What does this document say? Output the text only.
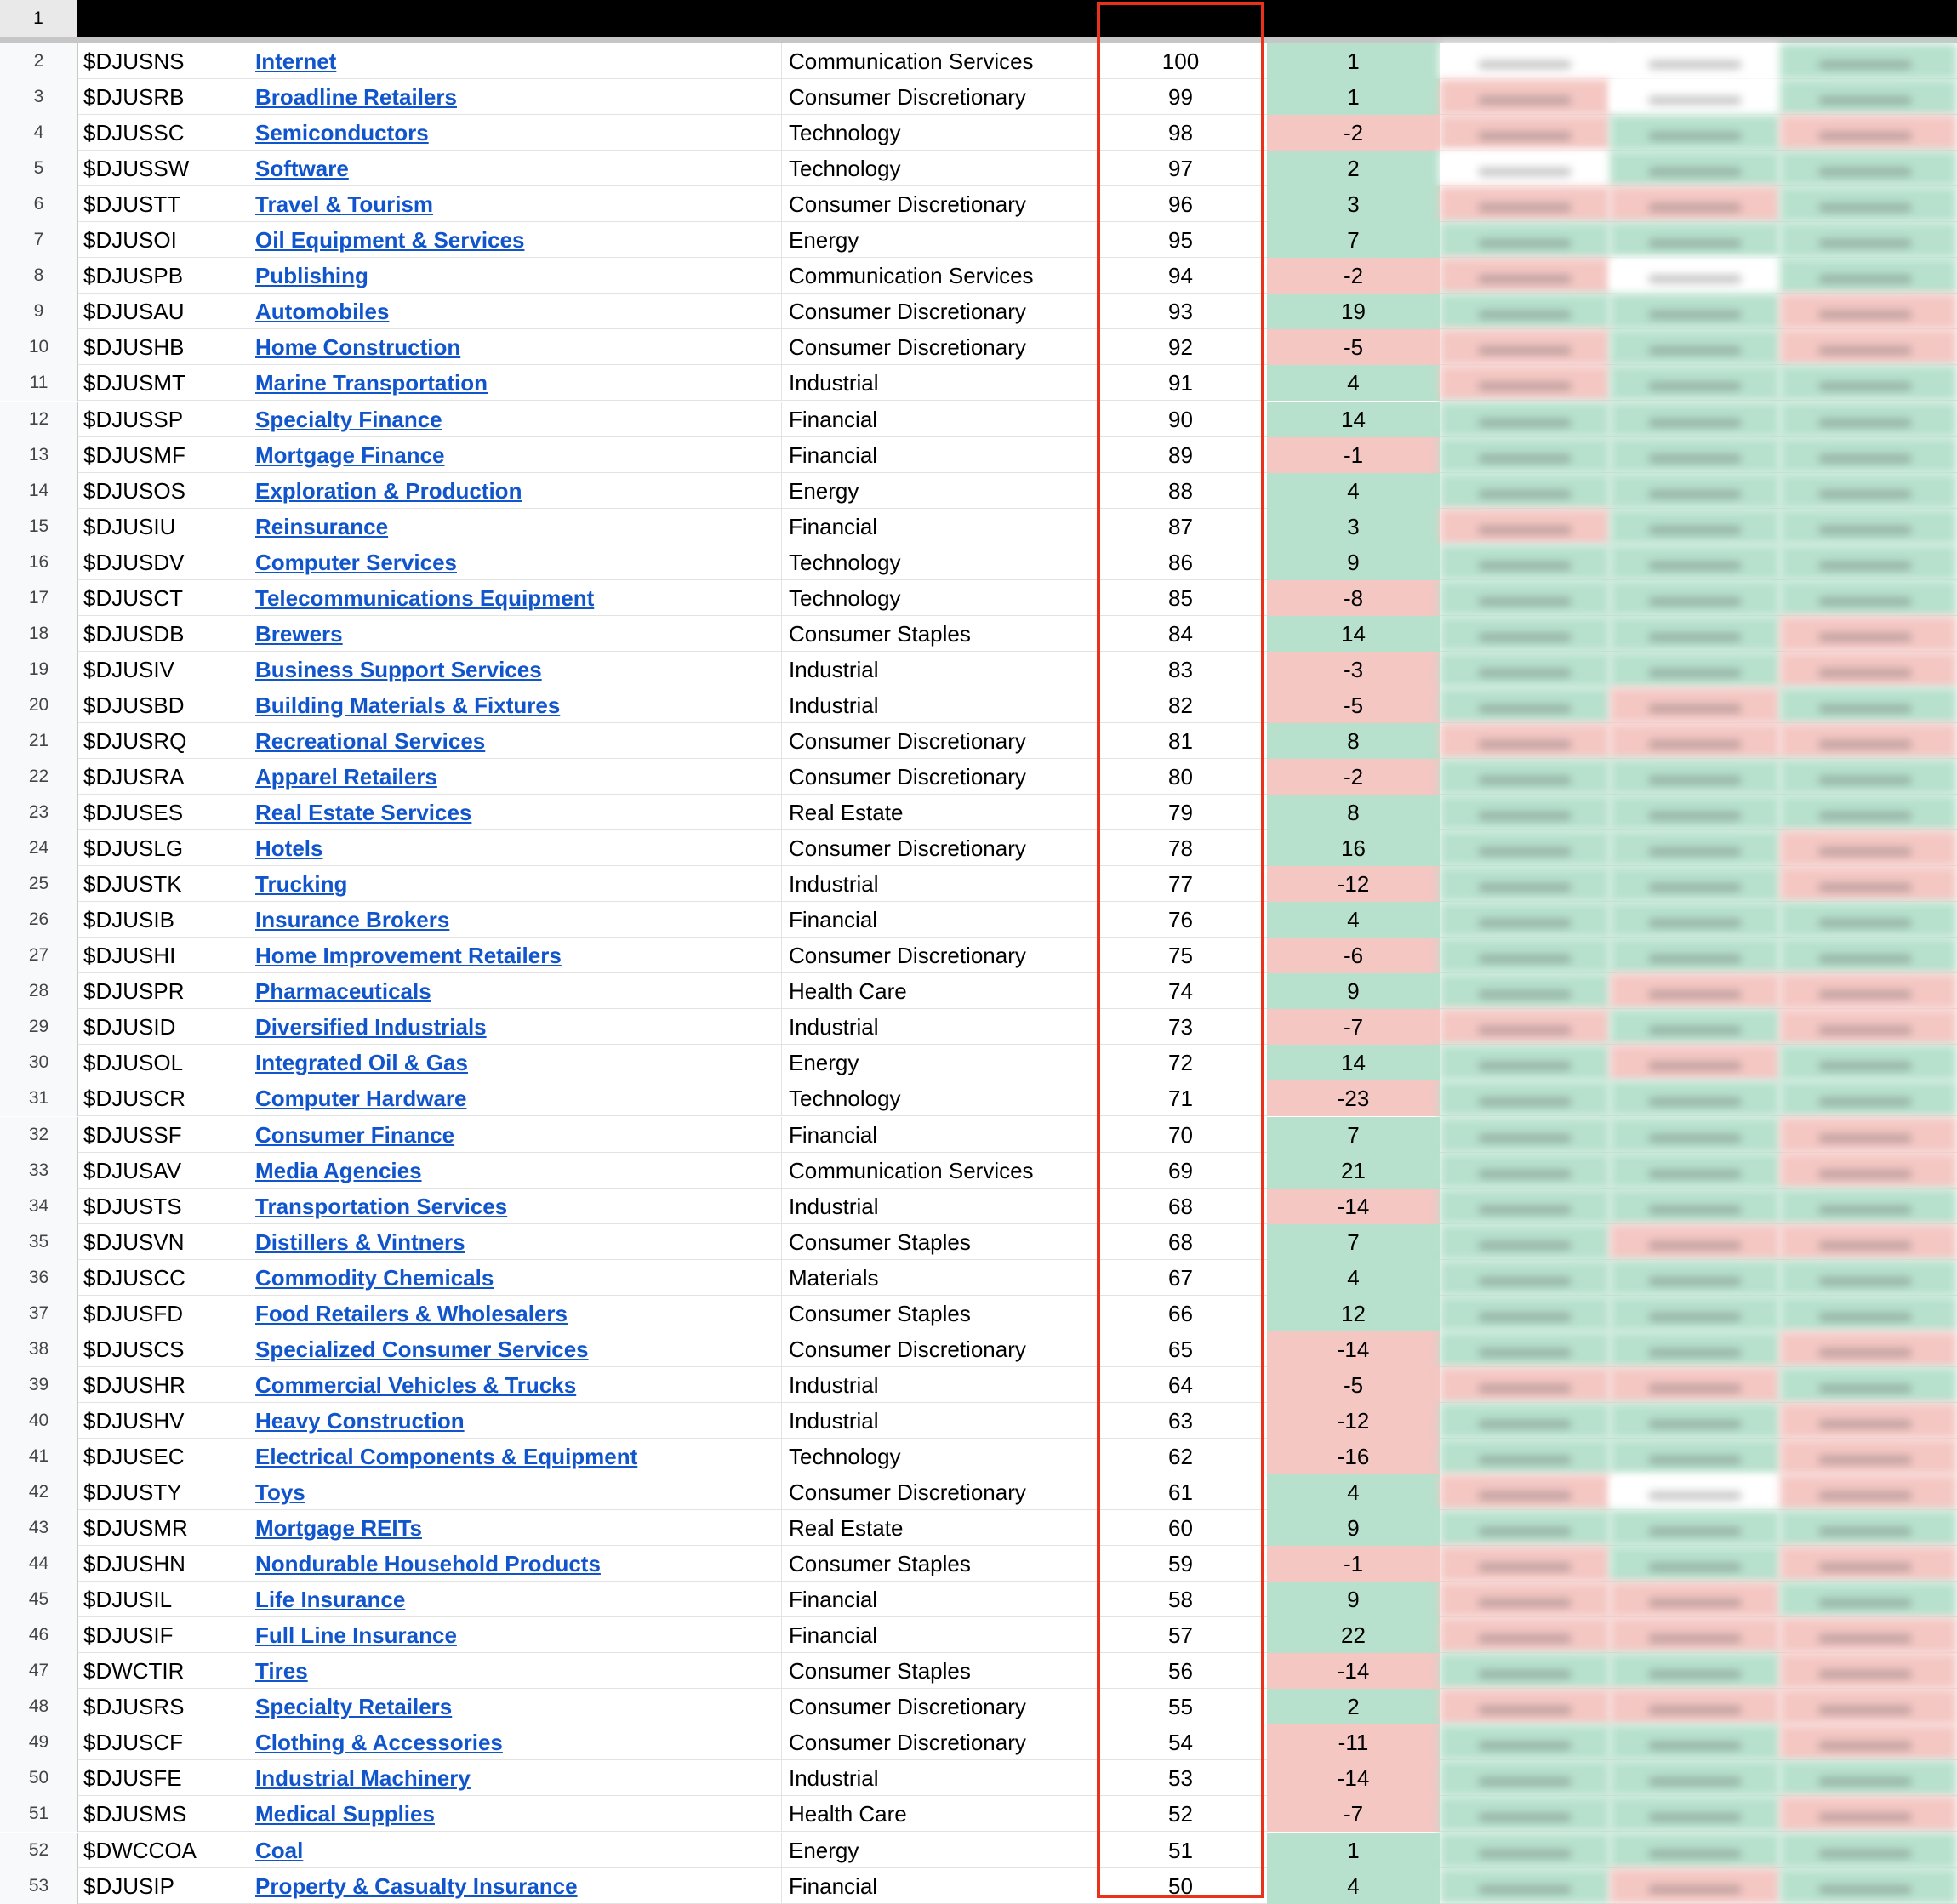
1	Ticker	Industry Group	Sector	RS Score	1 Week	2 Weeks	4 Weeks	12 Weeks
2	$DJUSNS	Internet	Communication Services	100	1
3	$DJUSRB	Broadline Retailers	Consumer Discretionary	99	1
4	$DJUSSC	Semiconductors	Technology	98	-2
5	$DJUSSW	Software	Technology	97	2
6	$DJUSTT	Travel & Tourism	Consumer Discretionary	96	3
7	$DJUSOI	Oil Equipment & Services	Energy	95	7
8	$DJUSPB	Publishing	Communication Services	94	-2
9	$DJUSAU	Automobiles	Consumer Discretionary	93	19
10	$DJUSHB	Home Construction	Consumer Discretionary	92	-5
11	$DJUSMT	Marine Transportation	Industrial	91	4
12	$DJUSSP	Specialty Finance	Financial	90	14
13	$DJUSMF	Mortgage Finance	Financial	89	-1
14	$DJUSOS	Exploration & Production	Energy	88	4
15	$DJUSIU	Reinsurance	Financial	87	3
16	$DJUSDV	Computer Services	Technology	86	9
17	$DJUSCT	Telecommunications Equipment	Technology	85	-8
18	$DJUSDB	Brewers	Consumer Staples	84	14
19	$DJUSIV	Business Support Services	Industrial	83	-3
20	$DJUSBD	Building Materials & Fixtures	Industrial	82	-5
21	$DJUSRQ	Recreational Services	Consumer Discretionary	81	8
22	$DJUSRA	Apparel Retailers	Consumer Discretionary	80	-2
23	$DJUSES	Real Estate Services	Real Estate	79	8
24	$DJUSLG	Hotels	Consumer Discretionary	78	16
25	$DJUSTK	Trucking	Industrial	77	-12
26	$DJUSIB	Insurance Brokers	Financial	76	4
27	$DJUSHI	Home Improvement Retailers	Consumer Discretionary	75	-6
28	$DJUSPR	Pharmaceuticals	Health Care	74	9
29	$DJUSID	Diversified Industrials	Industrial	73	-7
30	$DJUSOL	Integrated Oil & Gas	Energy	72	14
31	$DJUSCR	Computer Hardware	Technology	71	-23
32	$DJUSSF	Consumer Finance	Financial	70	7
33	$DJUSAV	Media Agencies	Communication Services	69	21
34	$DJUSTS	Transportation Services	Industrial	68	-14
35	$DJUSVN	Distillers & Vintners	Consumer Staples	68	7
36	$DJUSCC	Commodity Chemicals	Materials	67	4
37	$DJUSFD	Food Retailers & Wholesalers	Consumer Staples	66	12
38	$DJUSCS	Specialized Consumer Services	Consumer Discretionary	65	-14
39	$DJUSHR	Commercial Vehicles & Trucks	Industrial	64	-5
40	$DJUSHV	Heavy Construction	Industrial	63	-12
41	$DJUSEC	Electrical Components & Equipment	Technology	62	-16
42	$DJUSTY	Toys	Consumer Discretionary	61	4
43	$DJUSMR	Mortgage REITs	Real Estate	60	9
44	$DJUSHN	Nondurable Household Products	Consumer Staples	59	-1
45	$DJUSIL	Life Insurance	Financial	58	9
46	$DJUSIF	Full Line Insurance	Financial	57	22
47	$DWCTIR	Tires	Consumer Staples	56	-14
48	$DJUSRS	Specialty Retailers	Consumer Discretionary	55	2
49	$DJUSCF	Clothing & Accessories	Consumer Discretionary	54	-11
50	$DJUSFE	Industrial Machinery	Industrial	53	-14
51	$DJUSMS	Medical Supplies	Health Care	52	-7
52	$DWCCOA	Coal	Energy	51	1
53	$DJUSIP	Property & Casualty Insurance	Financial	50	4
